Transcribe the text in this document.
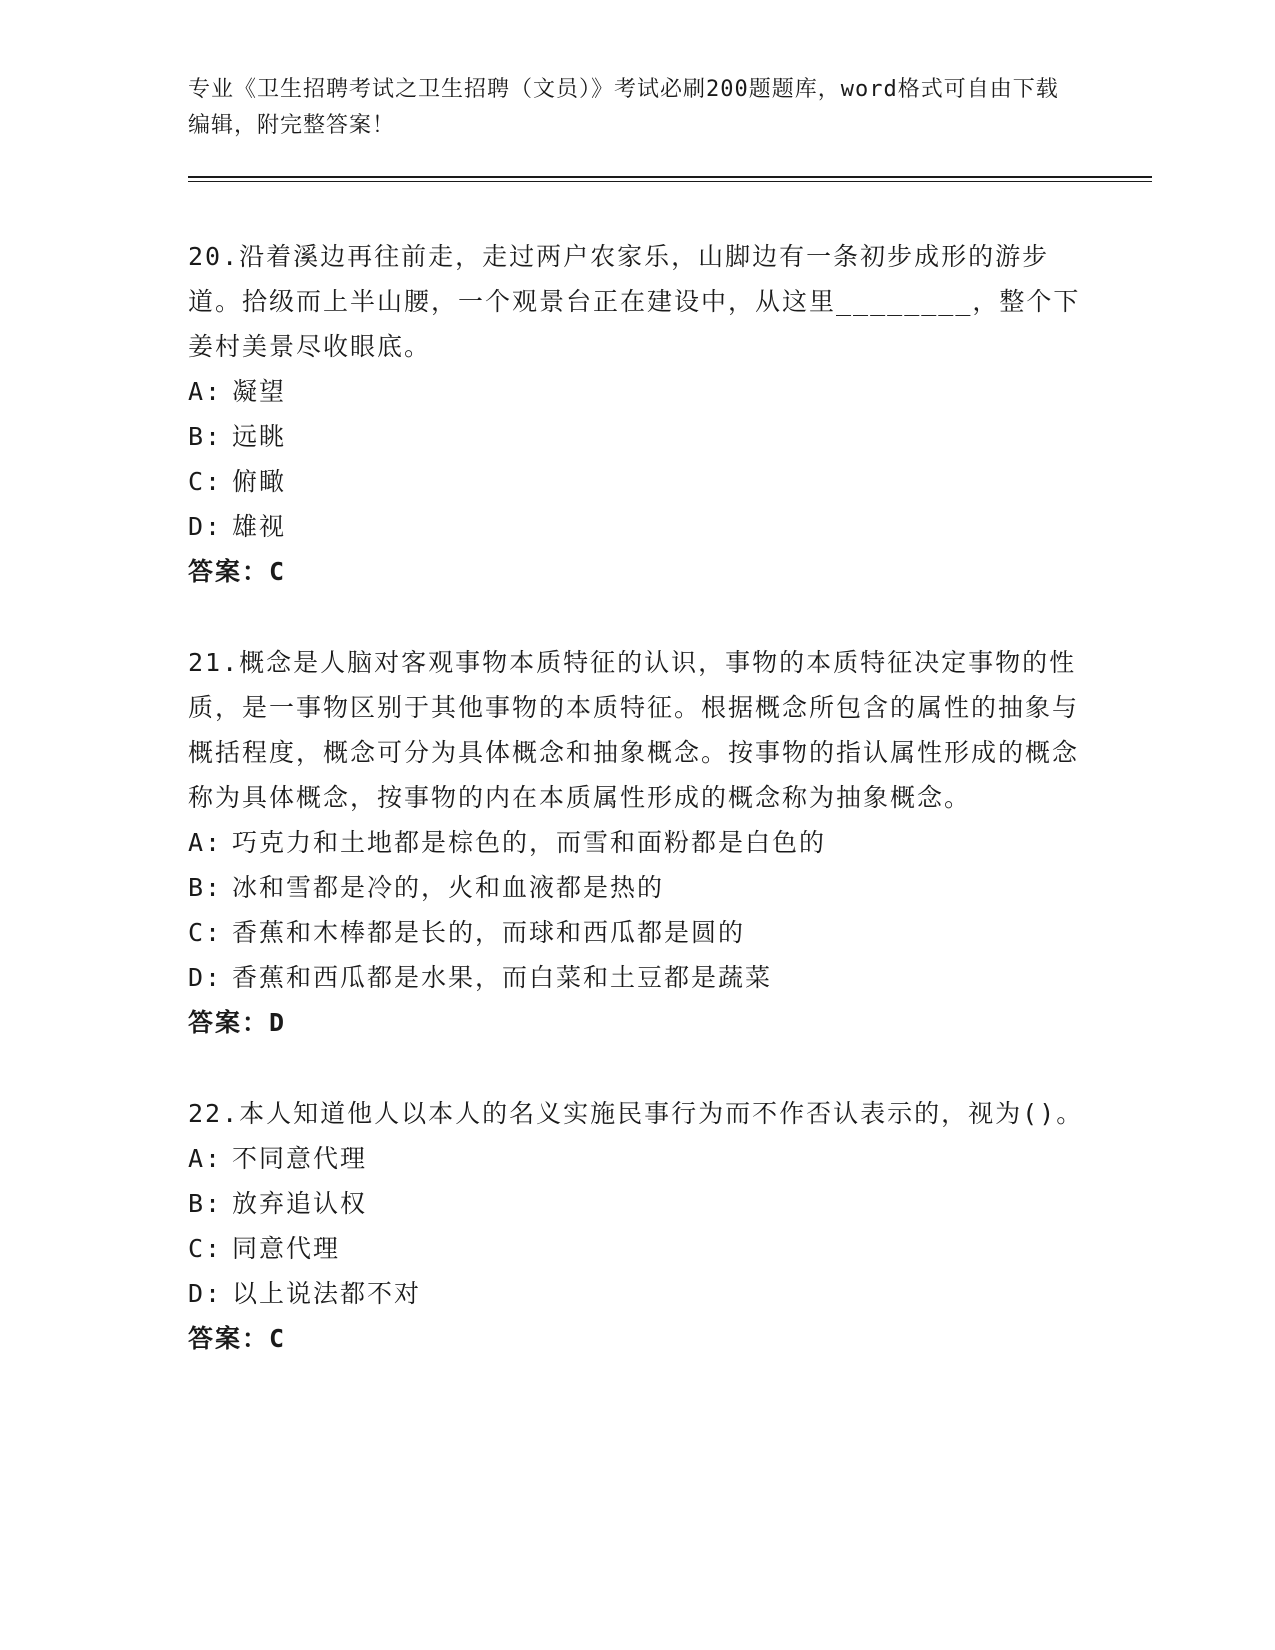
专业《卫生招聘考试之卫生招聘（文员）》考试必刷200题题库，word格式可自由下载编辑，附完整答案！

20.沿着溪边再往前走，走过两户农家乐，山脚边有一条初步成形的游步道。拾级而上半山腰，一个观景台正在建设中，从这里________，整个下姜村美景尽收眼底。

A: 凝望

B: 远眺

C: 俯瞰

D: 雄视

答案：C

21.概念是人脑对客观事物本质特征的认识，事物的本质特征决定事物的性质，是一事物区别于其他事物的本质特征。根据概念所包含的属性的抽象与概括程度，概念可分为具体概念和抽象概念。按事物的指认属性形成的概念称为具体概念，按事物的内在本质属性形成的概念称为抽象概念。

A: 巧克力和土地都是棕色的，而雪和面粉都是白色的

B: 冰和雪都是冷的，火和血液都是热的

C: 香蕉和木棒都是长的，而球和西瓜都是圆的

D: 香蕉和西瓜都是水果，而白菜和土豆都是蔬菜

答案：D

22.本人知道他人以本人的名义实施民事行为而不作否认表示的，视为()。

A: 不同意代理

B: 放弃追认权

C: 同意代理

D: 以上说法都不对

答案：C
